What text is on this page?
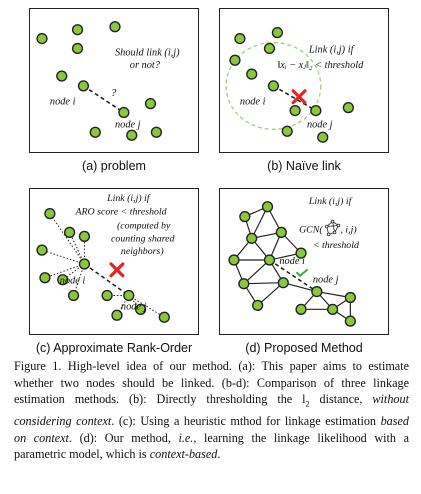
Should link (i,j)
or not?
?
node i
node j
(a) problem
Link (i,j) if
‖xᵢ − xⱼ‖₂ < threshold
node i
node j
(b) Naïve link
Link (i,j) if
ARO score < threshold
(computed by
counting shared
neighbors)
node i
node j
(c) Approximate Rank-Order
Link (i,j) if
GCN( , i,j)
< threshold
node i
node j
(d) Proposed Method
Figure 1. High-level idea of our method. (a): This paper aims to estimate whether two nodes should be linked. (b-d): Comparison of three linkage estimation methods. (b): Directly thresholding the $l_2$ distance, without considering context. (c): Using a heuristic mthod for linkage estimation based on context. (d): Our method, i.e., learning the linkage likelihood with a parametric model, which is context-based.
